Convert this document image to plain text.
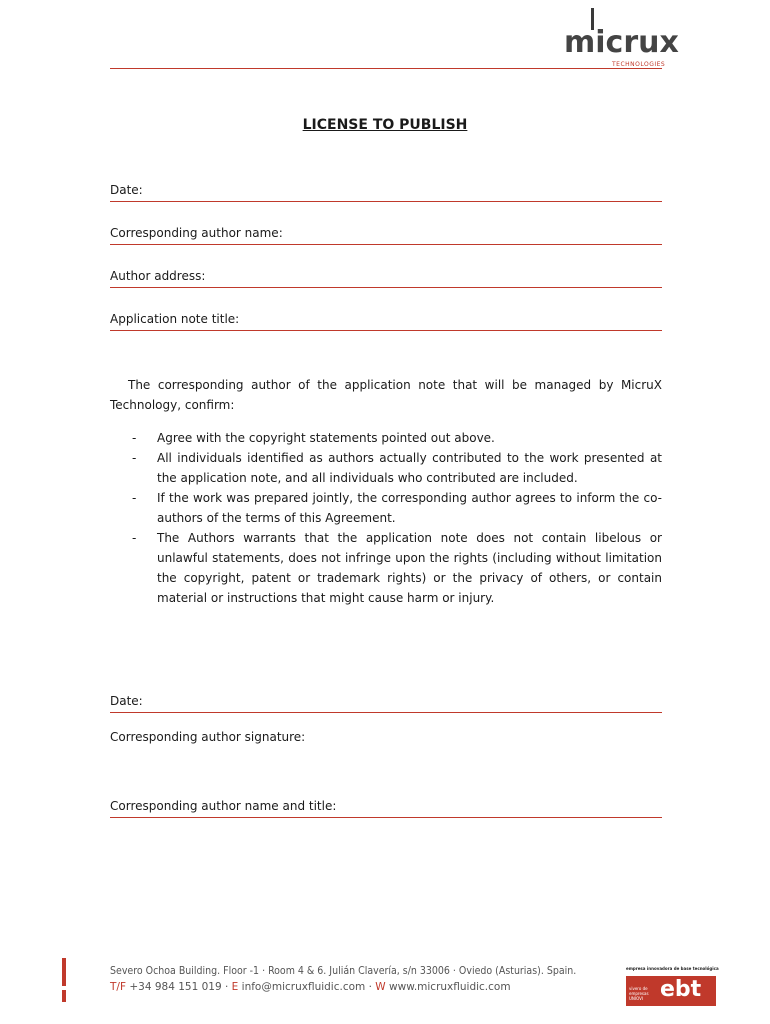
micrux
TECHNOLOGIES
LICENSE TO PUBLISH
Date:
Corresponding author name:
Author address:
Application note title:
The corresponding author of the application note that will be managed by MicruX Technology, confirm:
-	Agree with the copyright statements pointed out above.
-	All individuals identified as authors actually contributed to the work presented at the application note, and all individuals who contributed are included.
-	If the work was prepared jointly, the corresponding author agrees to inform the co-authors of the terms of this Agreement.
-	The Authors warrants that the application note does not contain libelous or unlawful statements, does not infringe upon the rights (including without limitation the copyright, patent or trademark rights) or the privacy of others, or contain material or instructions that might cause harm or injury.
Date:
Corresponding author signature:
Corresponding author name and title:
Severo Ochoa Building. Floor -1 · Room 4 & 6. Julián Clavería, s/n 33006 · Oviedo (Asturias). Spain.
T/F +34 984 151 019 · E info@micruxfluidic.com · W www.micruxfluidic.com
empresa innovadora de base tecnológica
vivero de empresas UNIOVI ebt
